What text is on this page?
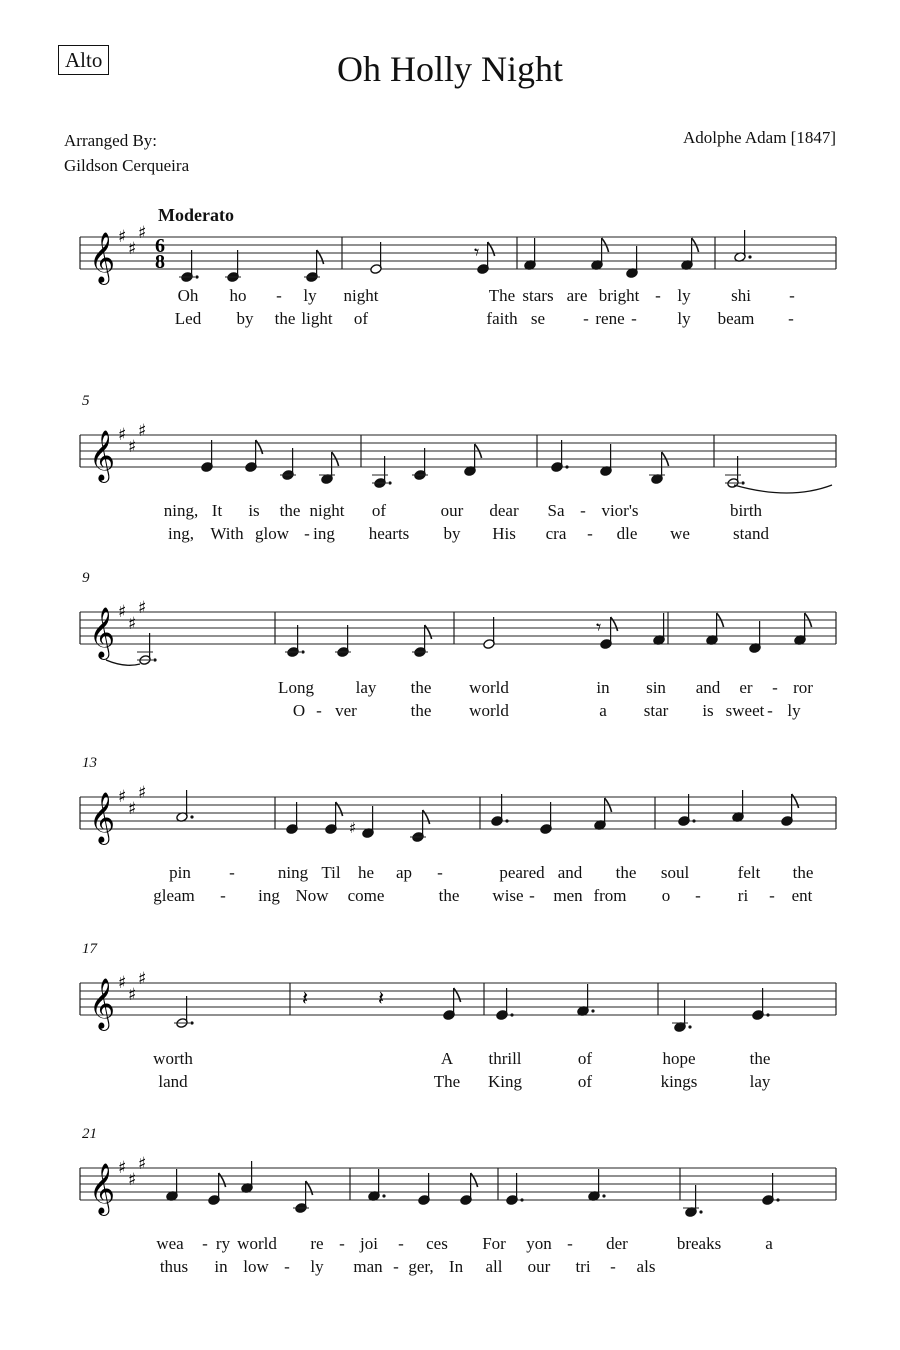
Alto	Oh Holly Night
Arranged By:
Gildson Cerqueira
Adolphe Adam [1847]
Moderato
𝄞 ♯
♯
♯
6
8	𝄾
Oh ho - ly night	The stars are bright - ly shi -
Led by the light of	faith se - rene - ly beam -
𝄞 ♯
♯
♯
5
ning, It is the night of	our dear Sa - vior's	birth
ing, With glow - ing hearts by His cra - dle we	stand
𝄞 ♯
♯
♯
𝄾
9
Long lay the world	in sin and er - ror
O - ver	the world	a star is sweet - ly
𝄞 ♯
♯
♯
♯
13
pin -	ning Til he ap -	peared and the soul	felt the
gleam - ing Now come	the wise - men from o - ri - ent
𝄞 ♯
♯
♯
𝄽	𝄽
17
worth	A thrill	of	hope	the
land	The King	of	kings	lay
𝄞 ♯
♯
♯
21
wea - ry world re - joi - ces For yon - der	breaks	a
thus in low - ly man - ger, In all our tri - als
